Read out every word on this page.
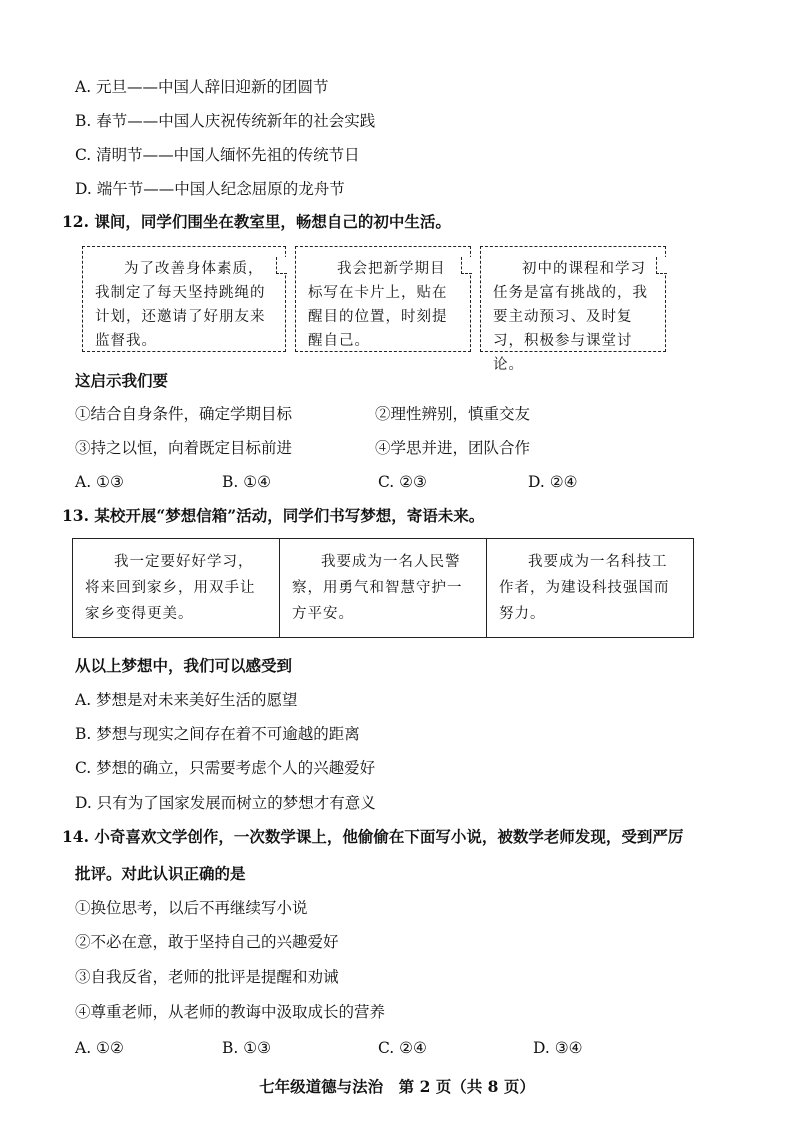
A. 元旦——中国人辞旧迎新的团圆节
B. 春节——中国人庆祝传统新年的社会实践
C. 清明节——中国人缅怀先祖的传统节日
D. 端午节——中国人纪念屈原的龙舟节
12. 课间，同学们围坐在教室里，畅想自己的初中生活。

为了改善身体素质，我制定了每天坚持跳绳的计划，还邀请了好朋友来监督我。

我会把新学期目标写在卡片上，贴在醒目的位置，时刻提醒自己。

初中的课程和学习任务是富有挑战的，我要主动预习、及时复习，积极参与课堂讨论。

这启示我们要
①结合自身条件，确定学期目标	②理性辨别，慎重交友
③持之以恒，向着既定目标前进	④学思并进，团队合作
A. ①③	B. ①④	C. ②③	D. ②④
13. 某校开展“梦想信箱”活动，同学们书写梦想，寄语未来。

我一定要好好学习，将来回到家乡，用双手让家乡变得更美。

我要成为一名人民警察，用勇气和智慧守护一方平安。

我要成为一名科技工作者，为建设科技强国而努力。

从以上梦想中，我们可以感受到
A. 梦想是对未来美好生活的愿望
B. 梦想与现实之间存在着不可逾越的距离
C. 梦想的确立，只需要考虑个人的兴趣爱好
D. 只有为了国家发展而树立的梦想才有意义
14. 小奇喜欢文学创作，一次数学课上，他偷偷在下面写小说，被数学老师发现，受到严厉
批评。对此认识正确的是
①换位思考，以后不再继续写小说
②不必在意，敢于坚持自己的兴趣爱好
③自我反省，老师的批评是提醒和劝诫
④尊重老师，从老师的教诲中汲取成长的营养
A. ①②	B. ①③	C. ②④	D. ③④
七年级道德与法治　第 2 页（共 8 页）
